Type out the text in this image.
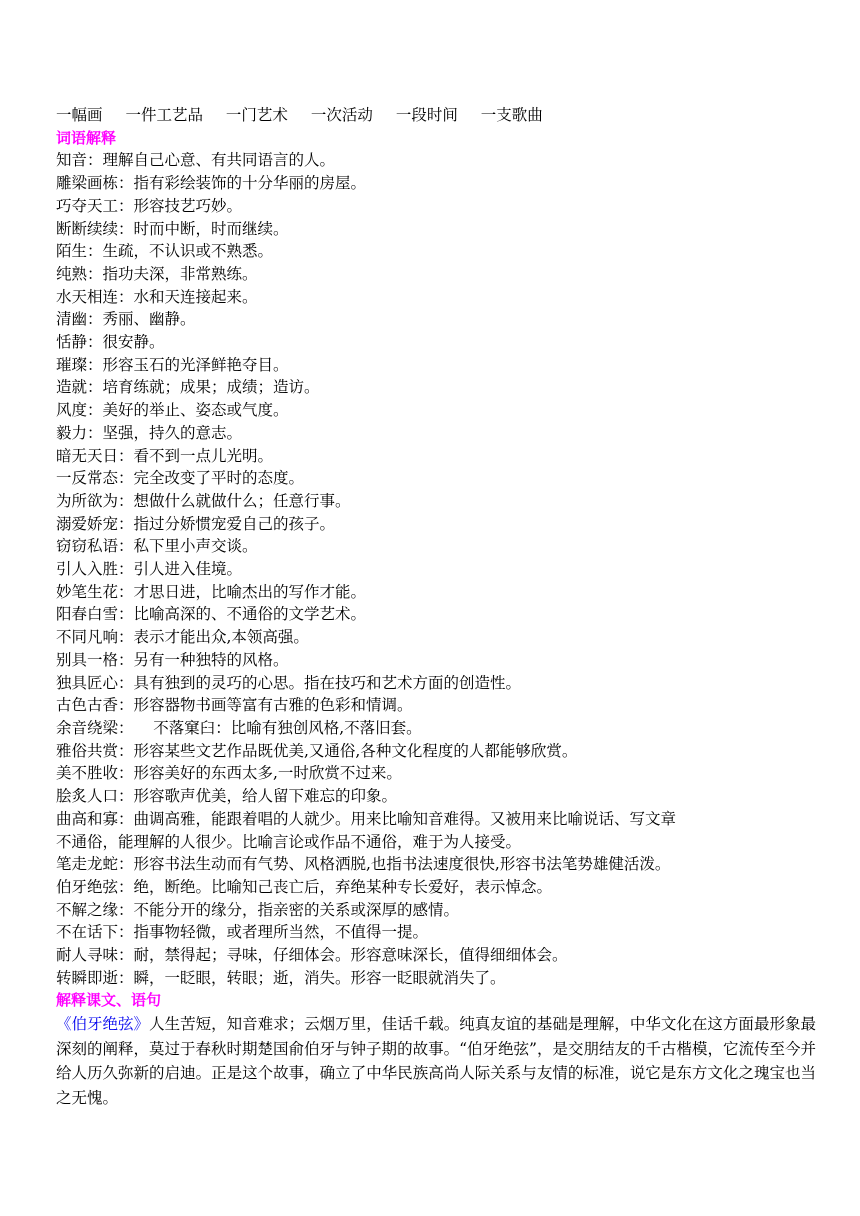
一幅画 一件工艺品 一门艺术 一次活动 一段时间 一支歌曲
词语解释
知音：理解自己心意、有共同语言的人。
雕梁画栋：指有彩绘装饰的十分华丽的房屋。
巧夺天工：形容技艺巧妙。
断断续续：时而中断，时而继续。
陌生：生疏，不认识或不熟悉。
纯熟：指功夫深，非常熟练。
水天相连：水和天连接起来。
清幽：秀丽、幽静。
恬静：很安静。
璀璨：形容玉石的光泽鲜艳夺目。
造就：培育练就；成果；成绩；造访。
风度：美好的举止、姿态或气度。
毅力：坚强，持久的意志。
暗无天日：看不到一点儿光明。
一反常态：完全改变了平时的态度。
为所欲为：想做什么就做什么；任意行事。
溺爱娇宠：指过分娇惯宠爱自己的孩子。
窃窃私语：私下里小声交谈。
引人入胜：引人进入佳境。
妙笔生花：才思日进，比喻杰出的写作才能。
阳春白雪：比喻高深的、不通俗的文学艺术。
不同凡响：表示才能出众,本领高强。
别具一格：另有一种独特的风格。
独具匠心：具有独到的灵巧的心思。指在技巧和艺术方面的创造性。
古色古香：形容器物书画等富有古雅的色彩和情调。
余音绕梁：    不落窠臼：比喻有独创风格,不落旧套。
雅俗共赏：形容某些文艺作品既优美,又通俗,各种文化程度的人都能够欣赏。
美不胜收：形容美好的东西太多,一时欣赏不过来。
脍炙人口：形容歌声优美，给人留下难忘的印象。
曲高和寡：曲调高雅，能跟着唱的人就少。用来比喻知音难得。又被用来比喻说话、写文章
不通俗，能理解的人很少。比喻言论或作品不通俗，难于为人接受。
笔走龙蛇：形容书法生动而有气势、风格洒脱,也指书法速度很快,形容书法笔势雄健活泼。
伯牙绝弦：绝，断绝。比喻知己丧亡后，弃绝某种专长爱好，表示悼念。
不解之缘：不能分开的缘分，指亲密的关系或深厚的感情。
不在话下：指事物轻微，或者理所当然，不值得一提。
耐人寻味：耐，禁得起；寻味，仔细体会。形容意味深长，值得细细体会。
转瞬即逝：瞬，一眨眼，转眼；逝，消失。形容一眨眼就消失了。
解释课文、语句
《伯牙绝弦》人生苦短，知音难求；云烟万里，佳话千载。纯真友谊的基础是理解，中华文化在这方面最形象最深刻的阐释，莫过于春秋时期楚国俞伯牙与钟子期的故事。“伯牙绝弦”，是交朋结友的千古楷模，它流传至今并给人历久弥新的启迪。正是这个故事，确立了中华民族高尚人际关系与友情的标准，说它是东方文化之瑰宝也当之无愧。
